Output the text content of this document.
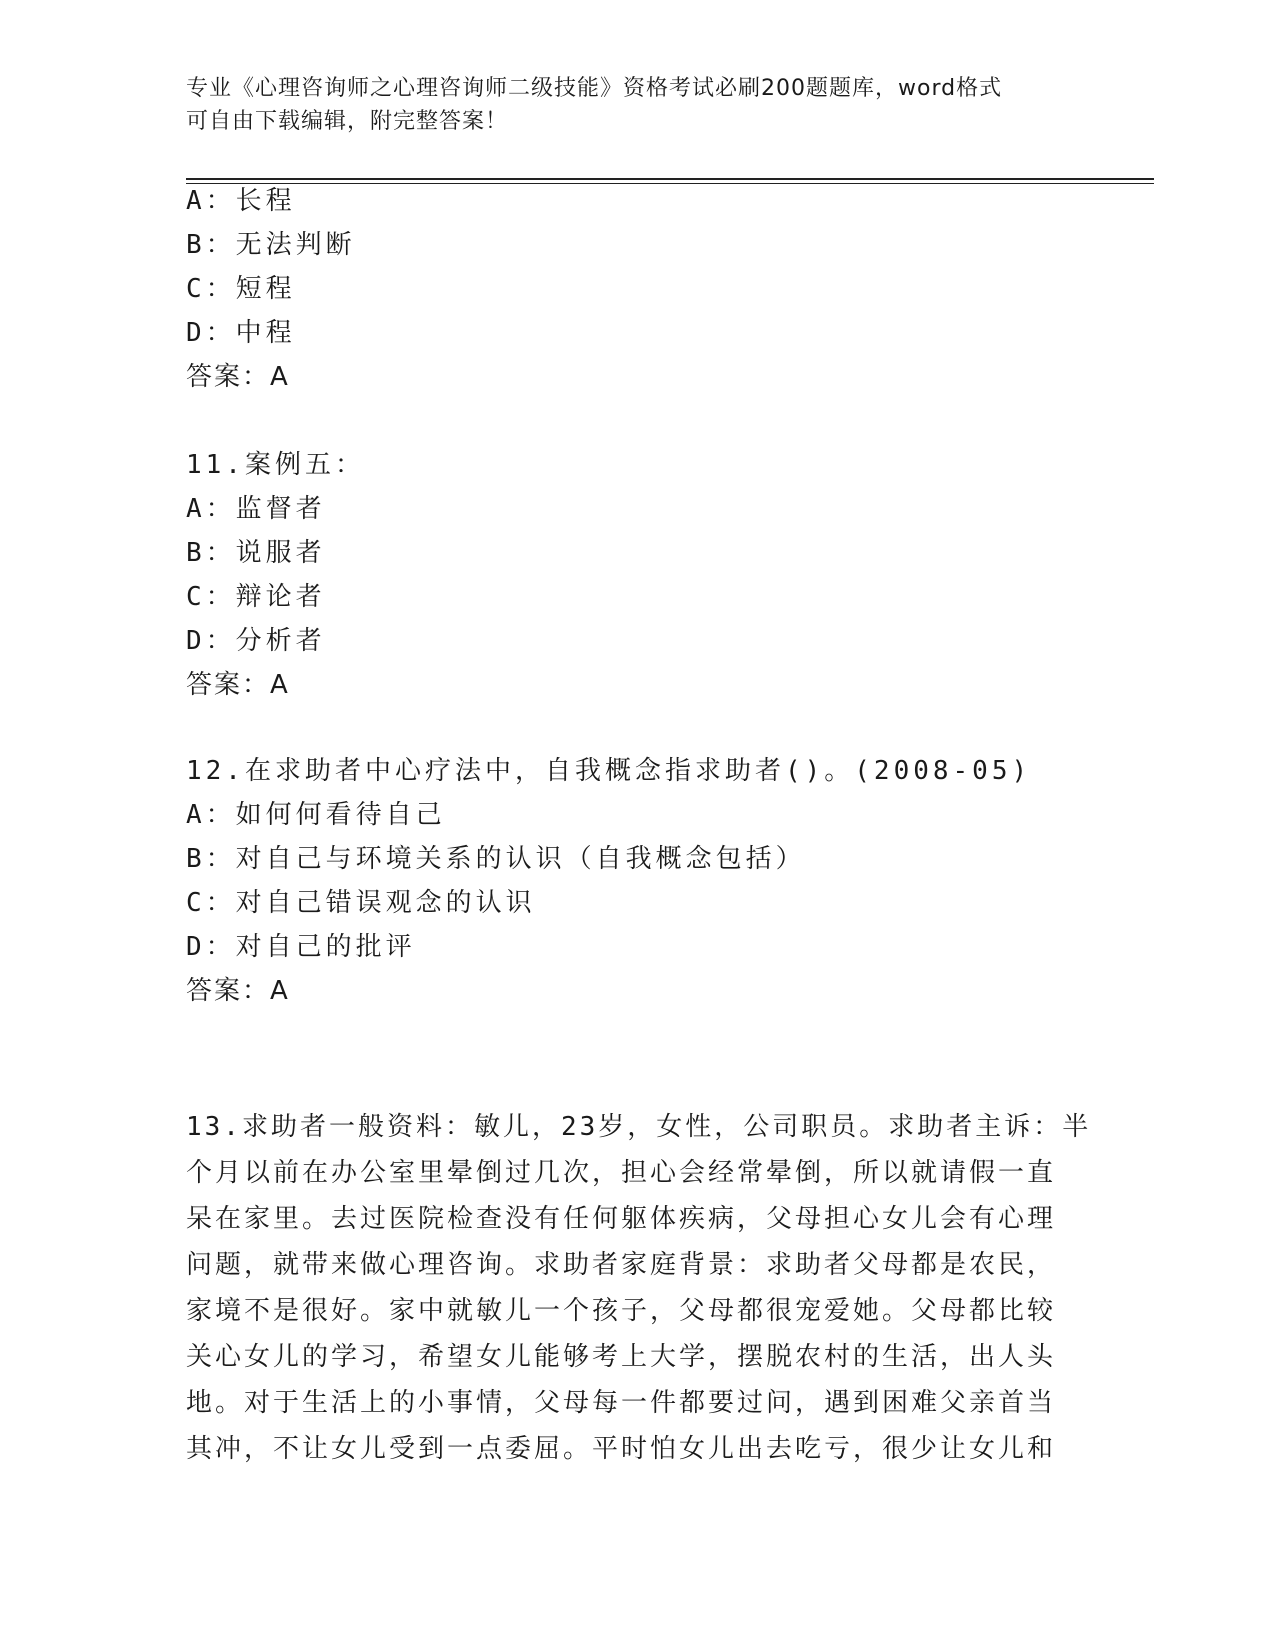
专业《心理咨询师之心理咨询师二级技能》资格考试必刷200题题库，word格式
可自由下载编辑，附完整答案！
A：长程
B：无法判断
C：短程
D：中程
答案：A
11.案例五：
A：监督者
B：说服者
C：辩论者
D：分析者
答案：A
12.在求助者中心疗法中，自我概念指求助者()。(2008-05)
A：如何何看待自己
B：对自己与环境关系的认识（自我概念包括）
C：对自己错误观念的认识
D：对自己的批评
答案：A
13.求助者一般资料：敏儿，23岁，女性，公司职员。求助者主诉：半
个月以前在办公室里晕倒过几次，担心会经常晕倒，所以就请假一直
呆在家里。去过医院检查没有任何躯体疾病，父母担心女儿会有心理
问题，就带来做心理咨询。求助者家庭背景：求助者父母都是农民，
家境不是很好。家中就敏儿一个孩子，父母都很宠爱她。父母都比较
关心女儿的学习，希望女儿能够考上大学，摆脱农村的生活，出人头
地。对于生活上的小事情，父母每一件都要过问，遇到困难父亲首当
其冲，不让女儿受到一点委屈。平时怕女儿出去吃亏，很少让女儿和
